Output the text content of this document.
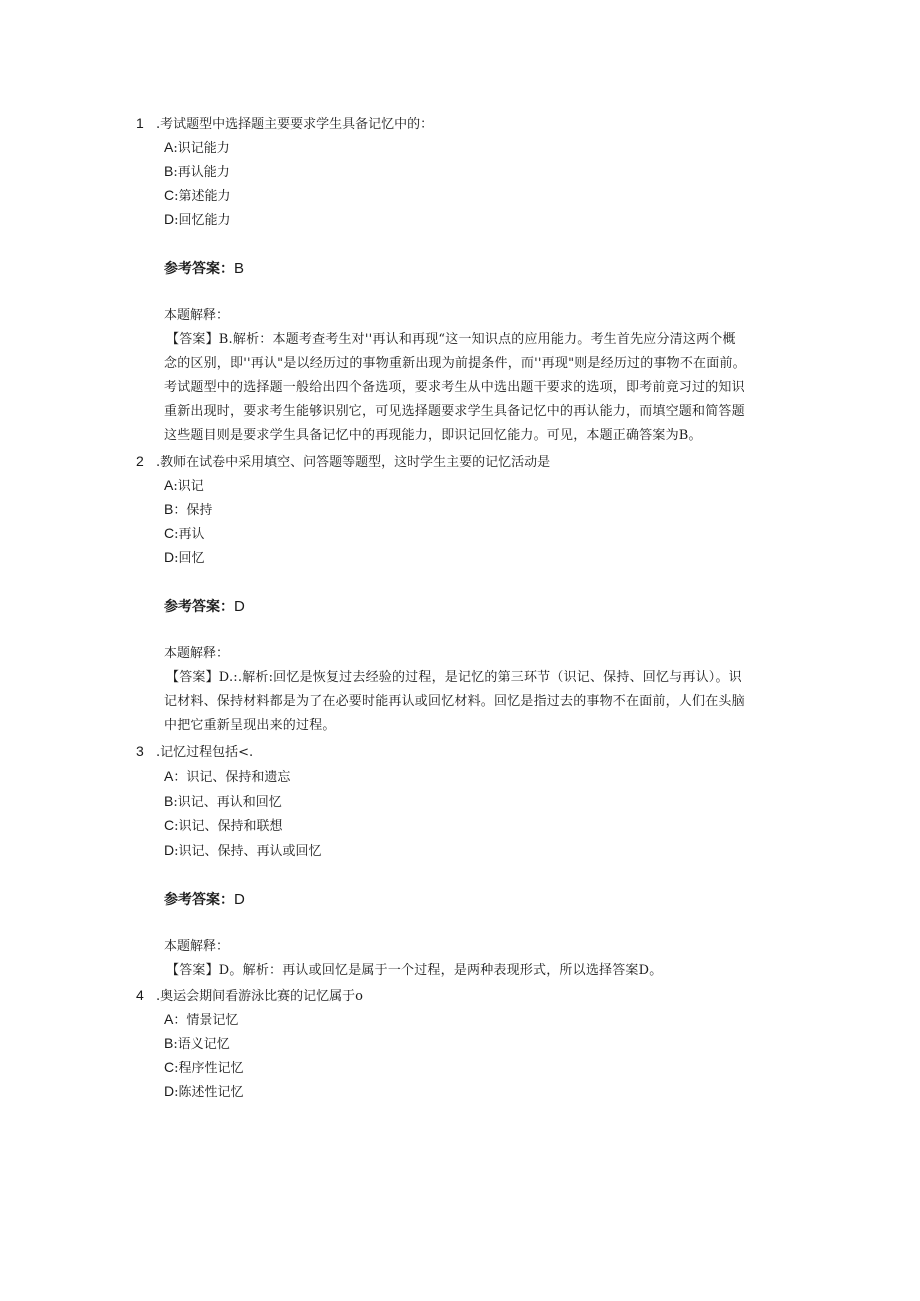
1 .考试题型中选择题主要要求学生具备记忆中的：
A:识记能力
B:再认能力
C:第述能力
D:回忆能力
参考答案：B
本题解释：
【答案】B.解析：本题考查考生对''再认和再现“这一知识点的应用能力。考生首先应分清这两个概
念的区别，即''再认"是以经历过的事物重新出现为前提条件，而''再现"则是经历过的事物不在面前。
考试题型中的选择题一般给出四个备选项，要求考生从中选出题干要求的选项，即考前竟习过的知识
重新出现时，要求考生能够识别它，可见选择题要求学生具备记忆中的再认能力，而填空题和简答题
这些题目则是要求学生具备记忆中的再现能力，即识记回忆能力。可见，本题正确答案为B。
2 .教师在试卷中采用填空、问答题等题型，这时学生主要的记忆活动是
A:识记
B：保持
C:再认
D:回忆
参考答案：D
本题解释：
【答案】D.:.解析:回忆是恢复过去经验的过程，是记忆的第三环节（识记、保持、回忆与再认）。识
记材料、保持材料都是为了在必要时能再认或回忆材料。回忆是指过去的事物不在面前，人们在头脑
中把它重新呈现出来的过程。
3 .记忆过程包括<.
A：识记、保持和遗忘
B:识记、再认和回忆
C:识记、保持和联想
D:识记、保持、再认或回忆
参考答案：D
本题解释：
【答案】D。解析：再认或回忆是属于一个过程，是两种表现形式，所以选择答案D。
4 .奥运会期间看游泳比赛的记忆属于o
A：情景记忆
B:语义记忆
C:程序性记忆
D:陈述性记忆
